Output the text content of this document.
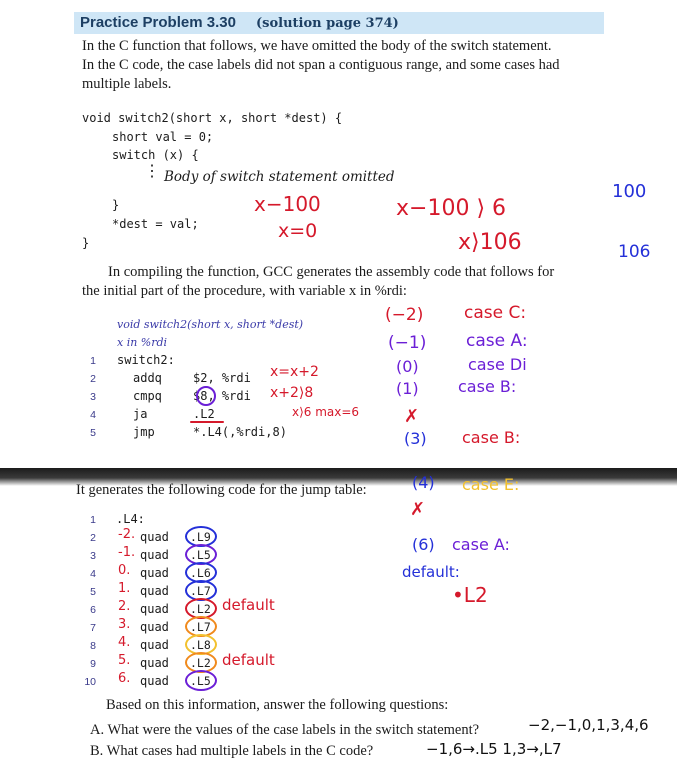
Practice Problem 3.30 (solution page 374)
In the C function that follows, we have omitted the body of the switch statement.
In the C code, the case labels did not span a contiguous range, and some cases had
multiple labels.
void switch2(short x, short *dest) {
short val = 0;
switch (x) {
⋮ Body of switch statement omitted
}
*dest = val;
}
In compiling the function, GCC generates the assembly code that follows for
the initial part of the procedure, with variable x in %rdi:
void switch2(short x, short *dest)
x in %rdi
1 switch2:
2	addq	$2, %rdi
3	cmpq	$8, %rdi
4	ja	.L2
5	jmp	*.L4(,%rdi,8)
x−100
x=0
x−100 ⟩ 6
x⟩106
100
106
x=x+2
x+2⟩8
x⟩6 max=6
(−2) case C:
(−1) case A:
(0)	case Di
(1) case B:
✗
(3) case B:
(4) case E:
✗
(6) case A:
default:
•L2
It generates the following code for the jump table:
1 .L4:
2 -2. quad .L9
3 -1. quad .L5
4 0. quad .L6
5 1. quad .L7
6 2. quad .L2
7 3. quad .L7
8 4. quad .L8
9 5. quad .L2
10 6. quad .L5
default
default
Based on this information, answer the following questions:
A. What were the values of the case labels in the switch statement?
B. What cases had multiple labels in the C code?
−2,−1,0,1,3,4,6
−1,6→.L5 1,3→,L7
